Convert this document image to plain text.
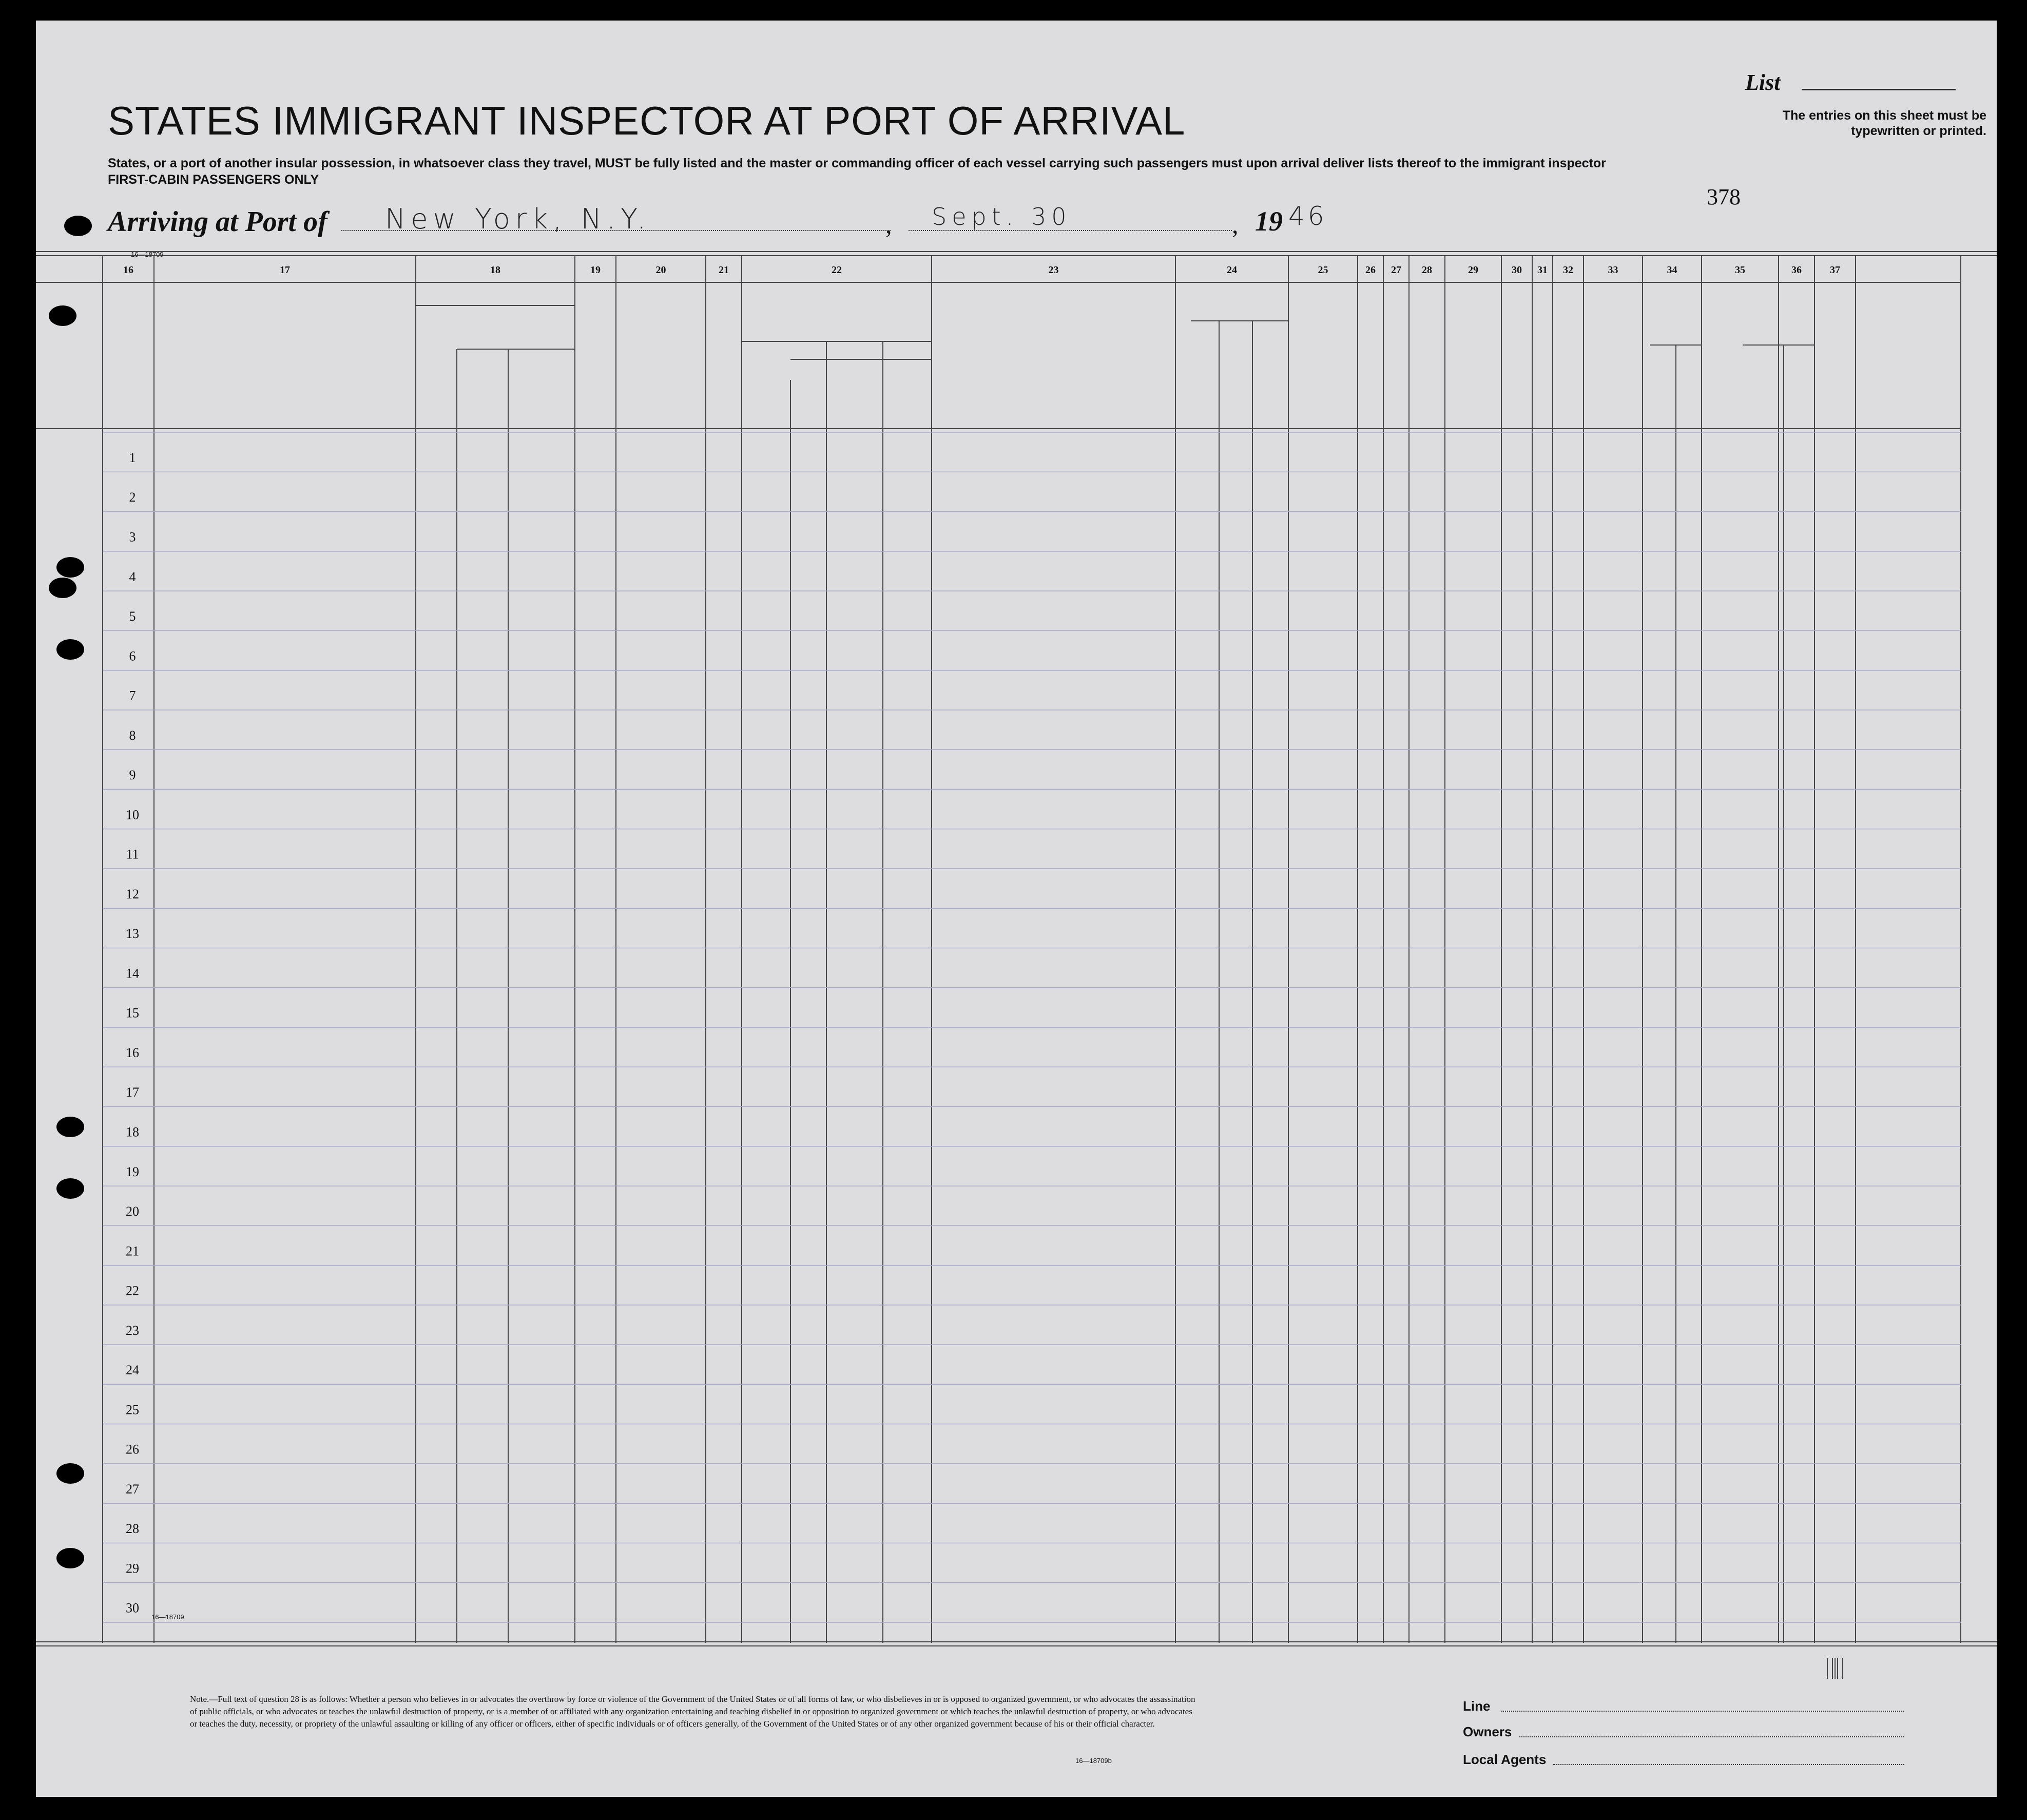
STATES IMMIGRANT INSPECTOR AT PORT OF ARRIVAL
States, or a port of another insular possession, in whatsoever class they travel, MUST be fully listed and the master or commanding officer of each vessel carrying such passengers must upon arrival deliver lists thereof to the immigrant inspector
FIRST-CABIN PASSENGERS ONLY
List
The entries on this sheet must be typewritten or printed.
378
Arriving at Port of New York, N.Y.	, Sept. 30	, 19 46
16—18709
16	17	18	19	20	21	22	23	24	25	26 27 28	29	30 31 32	33	34	35	36	37
1
2
3
4
5
6
7
8
9
10
11
12
13
14
15
16
17
18
19
20
21
22
23
24
25
26
27
28
29
30
16—18709
Note.—Full text of question 28 is as follows: Whether a person who believes in or advocates the overthrow by force or violence of the Government of the United States or of all forms of law, or who disbelieves in or is opposed to organized government, or who advocates the assassination of public officials, or who advocates or teaches the unlawful destruction of property, or is a member of or affiliated with any organization entertaining and teaching disbelief in or opposition to organized government or which teaches the unlawful destruction of property, or who advocates or teaches the duty, necessity, or propriety of the unlawful assaulting or killing of any officer or officers, either of specific individuals or of officers generally, of the Government of the United States or of any other organized government because of his or their official character.
16—18709b
Line
Owners
Local Agents
